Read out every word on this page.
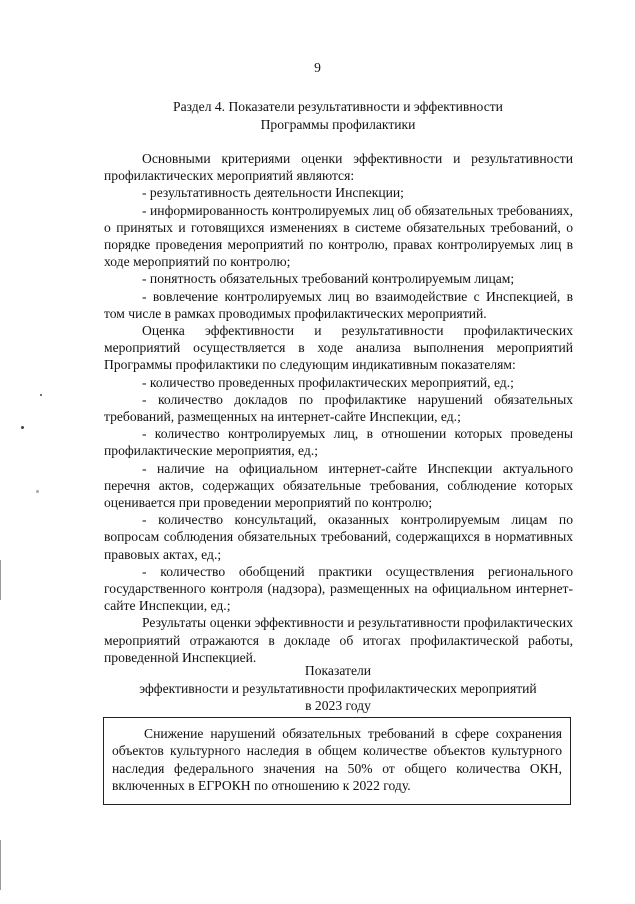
9
Раздел 4. Показатели результативности и эффективности
Программы профилактики

Основными критериями оценки эффективности и результативности профилактических мероприятий являются:

- результативность деятельности Инспекции;

- информированность контролируемых лиц об обязательных требованиях, о принятых и готовящихся изменениях в системе обязательных требований, о порядке проведения мероприятий по контролю, правах контролируемых лиц в ходе мероприятий по контролю;

- понятность обязательных требований контролируемым лицам;

- вовлечение контролируемых лиц во взаимодействие с Инспекцией, в том числе в рамках проводимых профилактических мероприятий.

Оценка эффективности и результативности профилактических мероприятий осуществляется в ходе анализа выполнения мероприятий Программы профилактики по следующим индикативным показателям:

- количество проведенных профилактических мероприятий, ед.;

- количество докладов по профилактике нарушений обязательных требований, размещенных на интернет-сайте Инспекции, ед.;

- количество контролируемых лиц, в отношении которых проведены профилактические мероприятия, ед.;

- наличие на официальном интернет-сайте Инспекции актуального перечня актов, содержащих обязательные требования, соблюдение которых оценивается при проведении мероприятий по контролю;

- количество консультаций, оказанных контролируемым лицам по вопросам соблюдения обязательных требований, содержащихся в нормативных правовых актах, ед.;

- количество обобщений практики осуществления регионального государственного контроля (надзора), размещенных на официальном интернет-сайте Инспекции, ед.;

Результаты оценки эффективности и результативности профилактических мероприятий отражаются в докладе об итогах профилактической работы, проведенной Инспекцией.

Показатели
эффективности и результативности профилактических мероприятий
в 2023 году

Снижение нарушений обязательных требований в сфере сохранения объектов культурного наследия в общем количестве объектов культурного наследия федерального значения на 50% от общего количества ОКН, включенных в ЕГРОКН по отношению к 2022 году.
